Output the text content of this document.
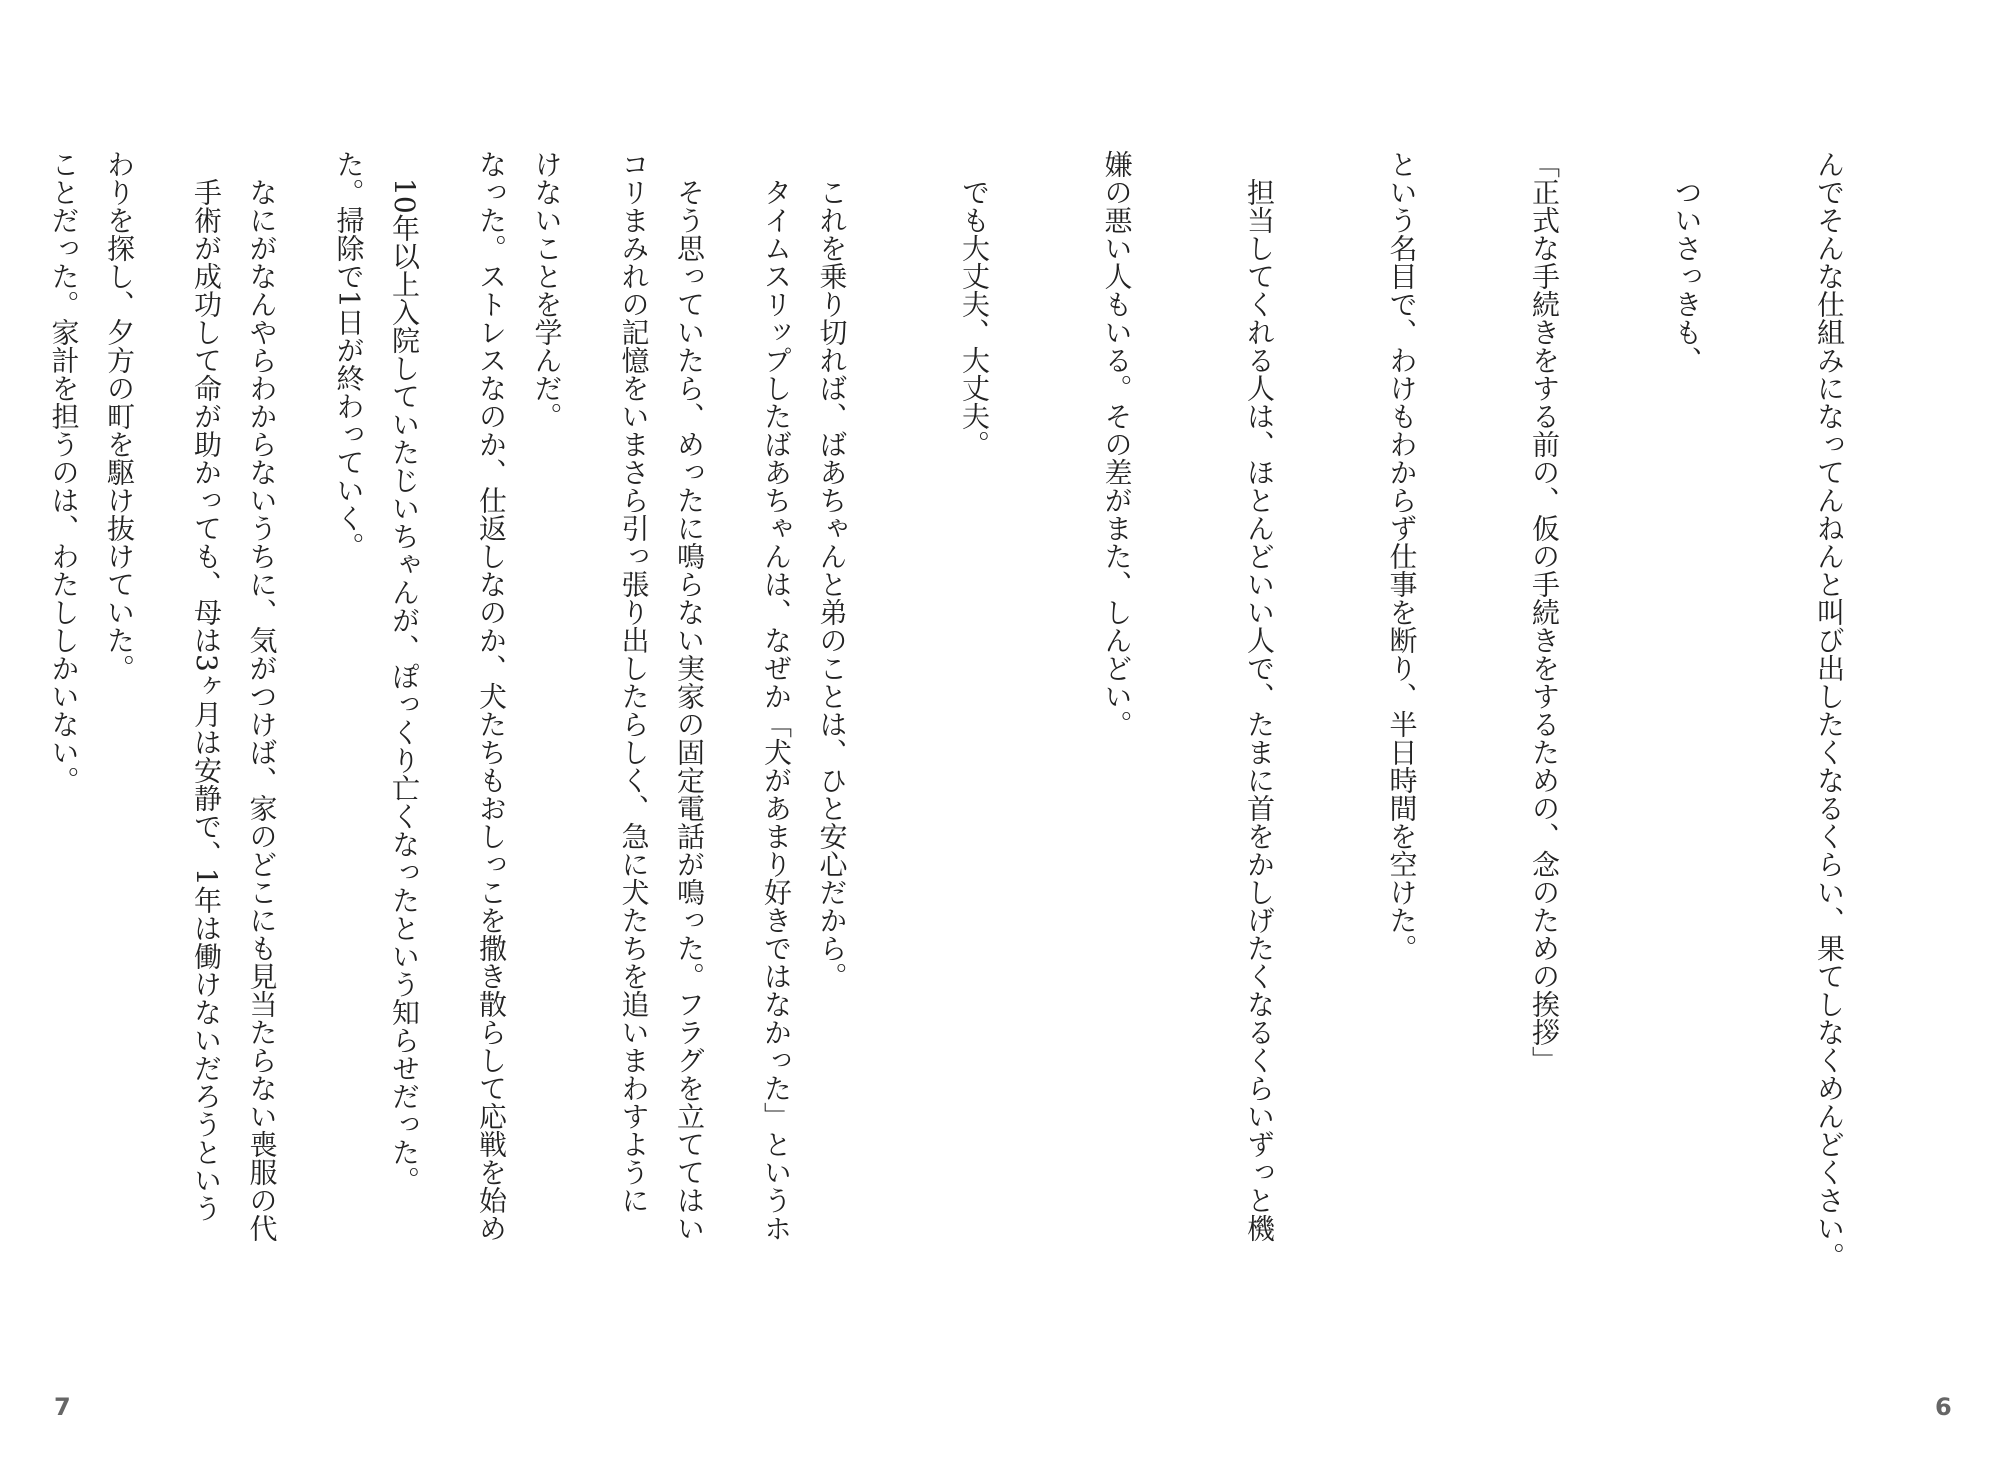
　タイムスリップしたばあちゃんは、なぜか「犬があまり好きではなかった」というホ

コリまみれの記憶をいまさら引っ張り出したらしく、急に犬たちを追いまわすように

なった。ストレスなのか、仕返しなのか、犬たちもおしっこを撒き散らして応戦を始め

た。掃除で1日が終わっていく。

　手術が成功して命が助かっても、母は3ヶ月は安静で、1年は働けないだろうという

ことだった。家計を担うのは、わたししかいない。

7

んでそんな仕組みになってんねんと叫び出したくなるくらい、果てしなくめんどくさい。

　ついさっきも、

「正式な手続きをする前の、仮の手続きをするための、念のための挨拶」

という名目で、わけもわからず仕事を断り、半日時間を空けた。

　担当してくれる人は、ほとんどいい人で、たまに首をかしげたくなるくらいずっと機

嫌の悪い人もいる。その差がまた、しんどい。

　でも大丈夫、大丈夫。

　これを乗り切れば、ばあちゃんと弟のことは、ひと安心だから。

　そう思っていたら、めったに鳴らない実家の固定電話が鳴った。フラグを立ててはい

けないことを学んだ。

　10年以上入院していたじいちゃんが、ぽっくり亡くなったという知らせだった。

　なにがなんやらわからないうちに、気がつけば、家のどこにも見当たらない喪服の代

わりを探し、夕方の町を駆け抜けていた。

6
